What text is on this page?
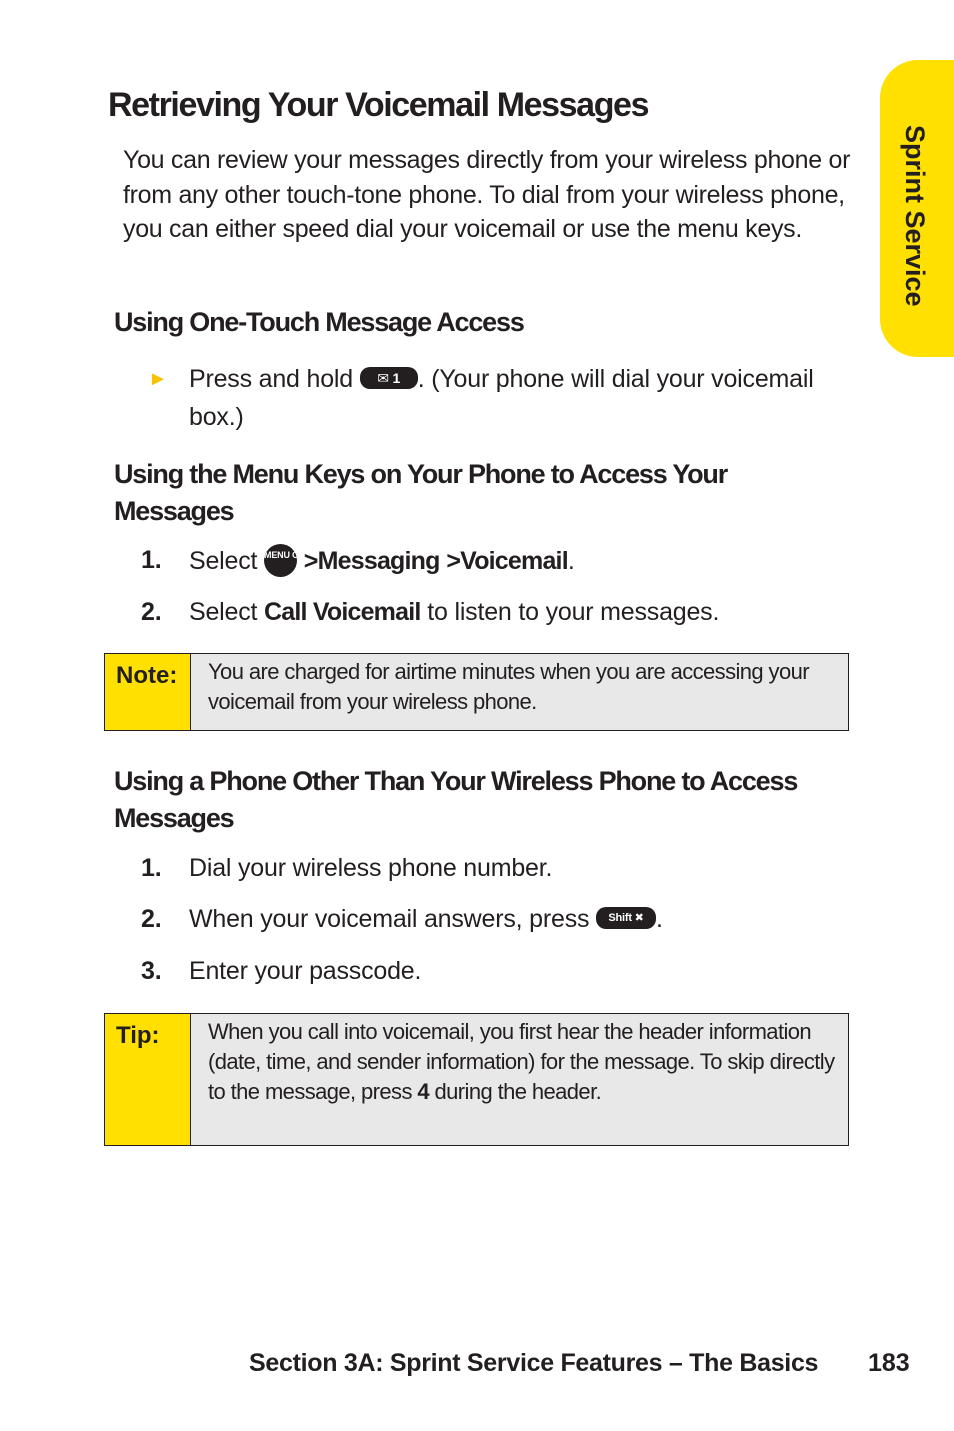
Sprint Service
Retrieving Your Voicemail Messages

You can review your messages directly from your wireless phone or from any other touch-tone phone. To dial from your wireless phone, you can either speed dial your voicemail or use the menu keys.

Using One-Touch Message Access
► Press and hold ✉ 1 . (Your phone will dial your voicemail box.)
Using the Menu Keys on Your Phone to Access Your Messages
1. Select MENU OK >Messaging >Voicemail.
2. Select Call Voicemail to listen to your messages.
Note:	You are charged for airtime minutes when you are accessing your voicemail from your wireless phone.
Using a Phone Other Than Your Wireless Phone to Access Messages
1. Dial your wireless phone number.
2. When your voicemail answers, press Shift ✖ .
3. Enter your passcode.
Tip:	When you call into voicemail, you first hear the header information (date, time, and sender information) for the message. To skip directly to the message, press 4 during the header.
Section 3A: Sprint Service Features – The Basics 183
